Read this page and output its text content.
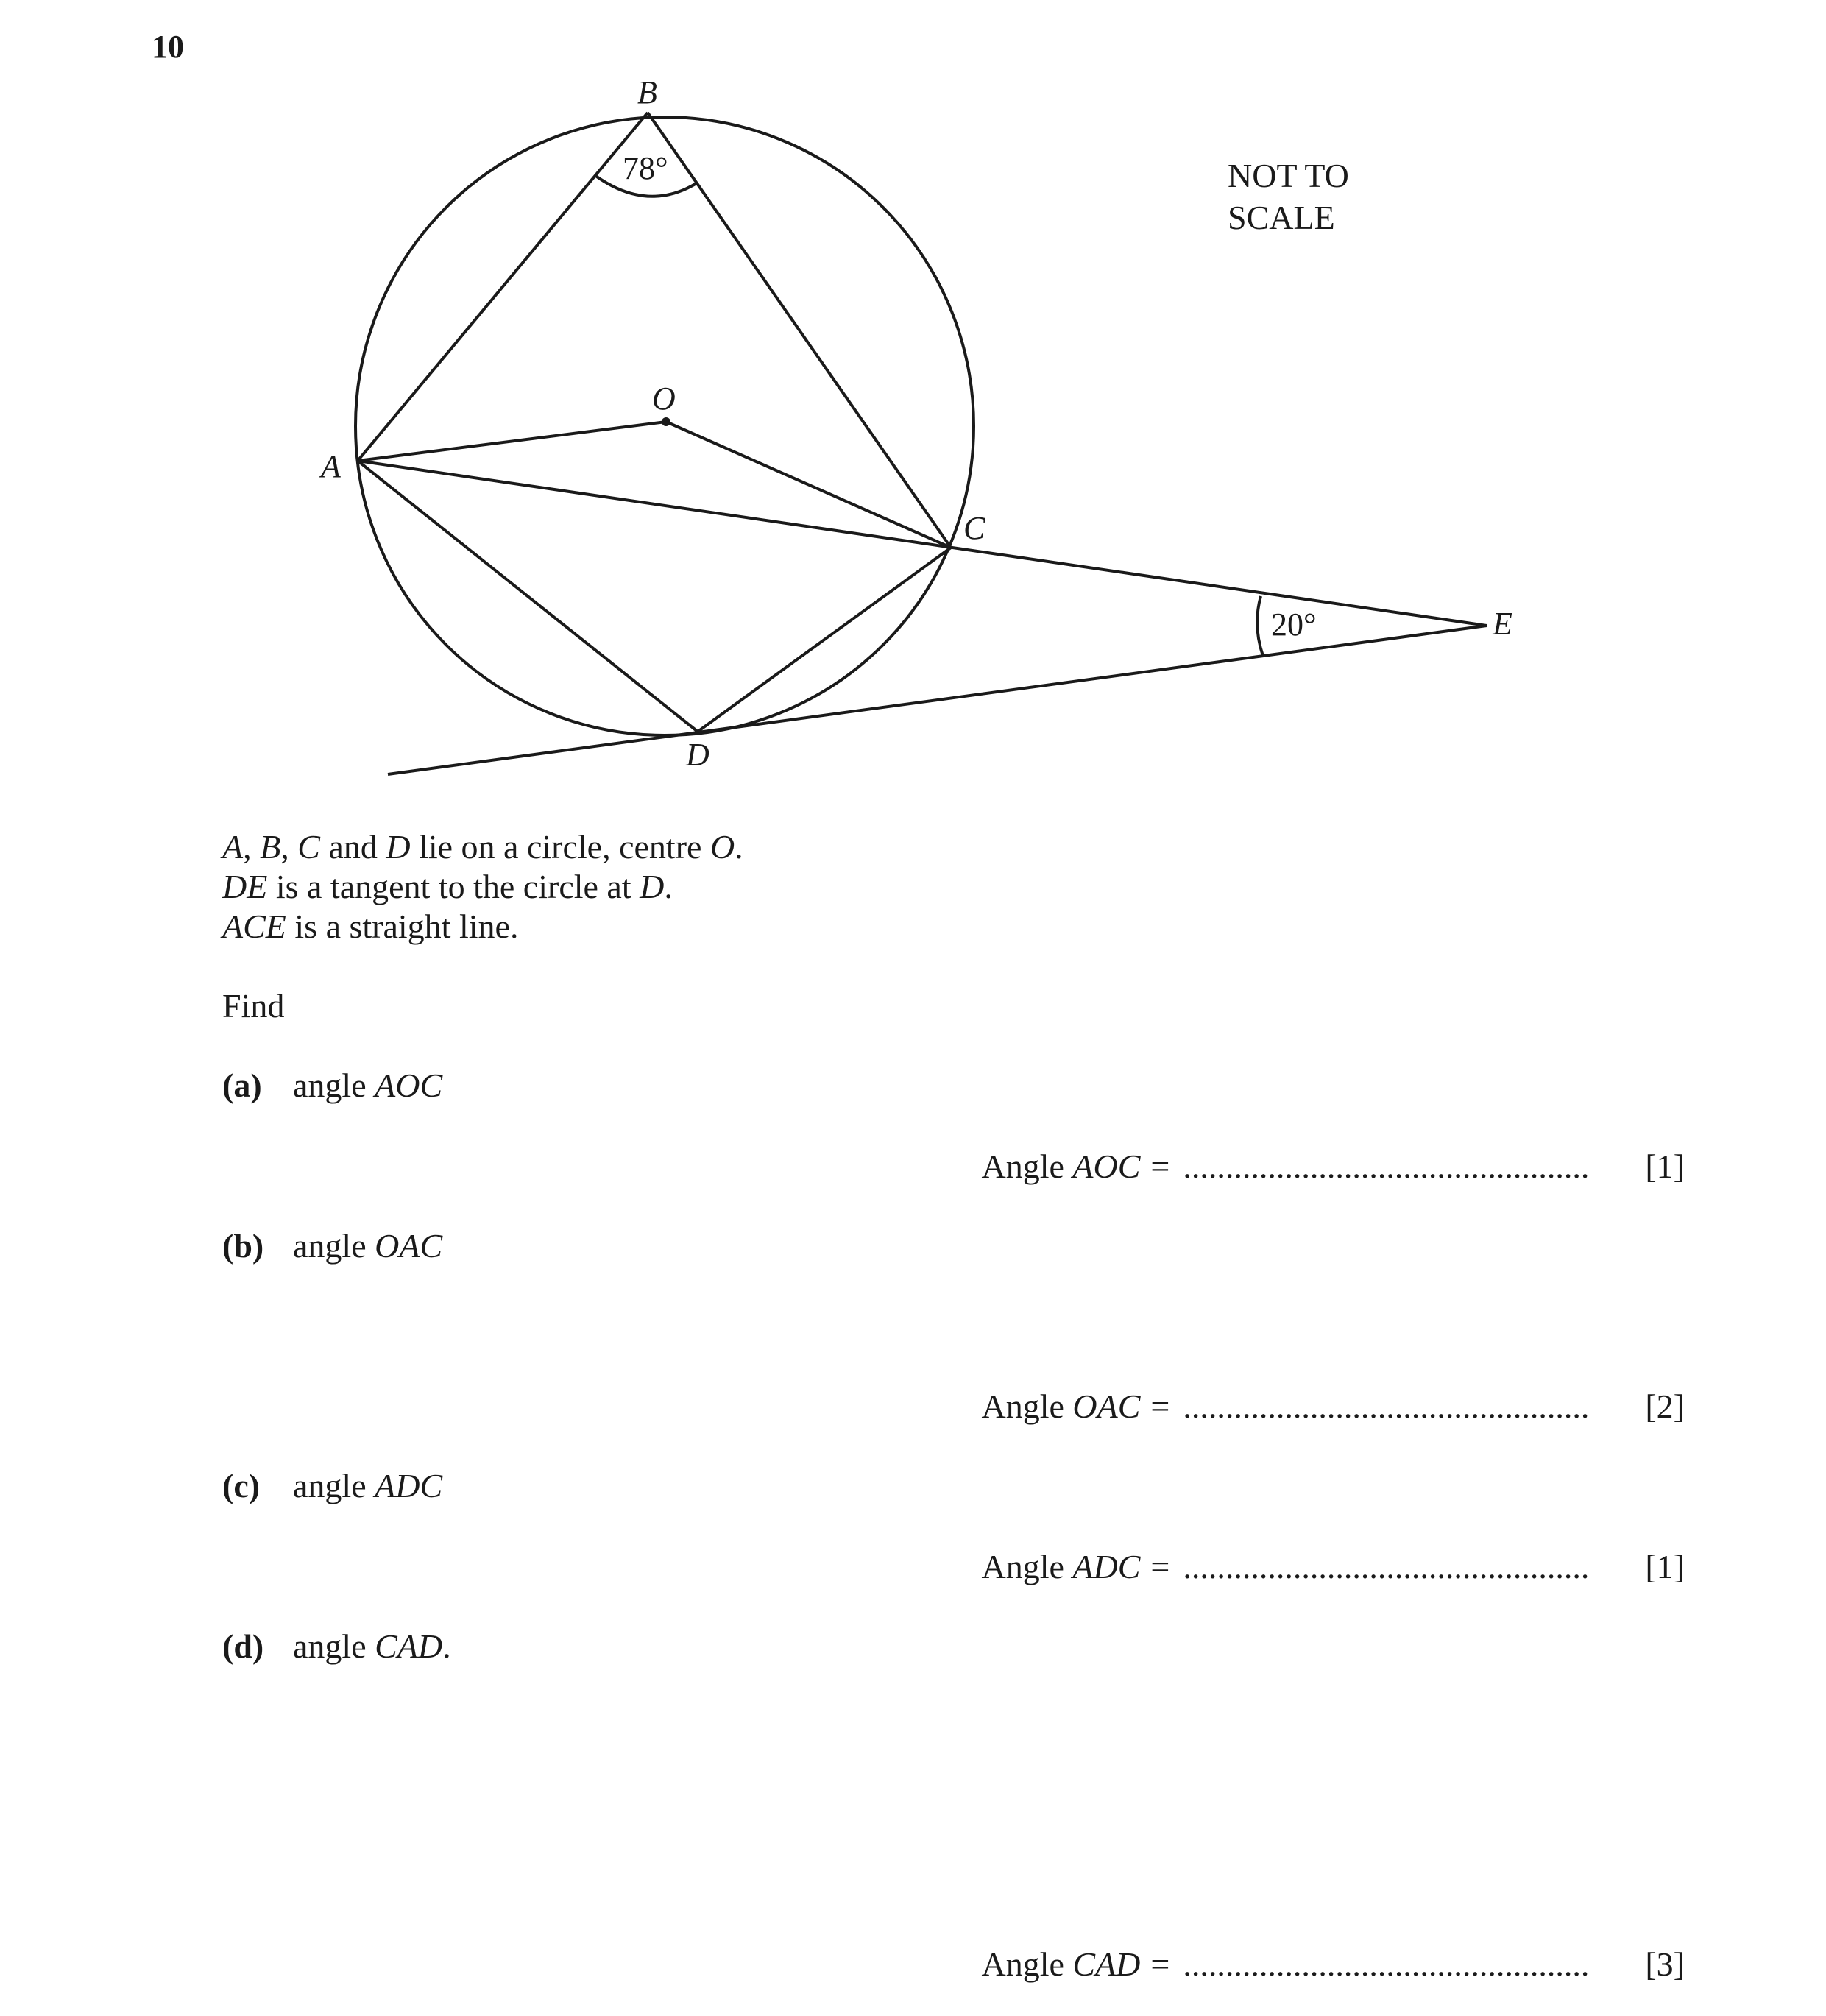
10
B
O
A
C
E
D
78°
20°
NOT TO
SCALE

A, B, C and D lie on a circle, centre O.

DE is a tangent to the circle at D.

ACE is a straight line.

Find
(a) angle AOC
Angle AOC = ................................................	[1]
(b) angle OAC
Angle OAC = ................................................	[2]
(c) angle ADC
Angle ADC = ................................................	[1]
(d) angle CAD.
Angle CAD = ................................................	[3]
